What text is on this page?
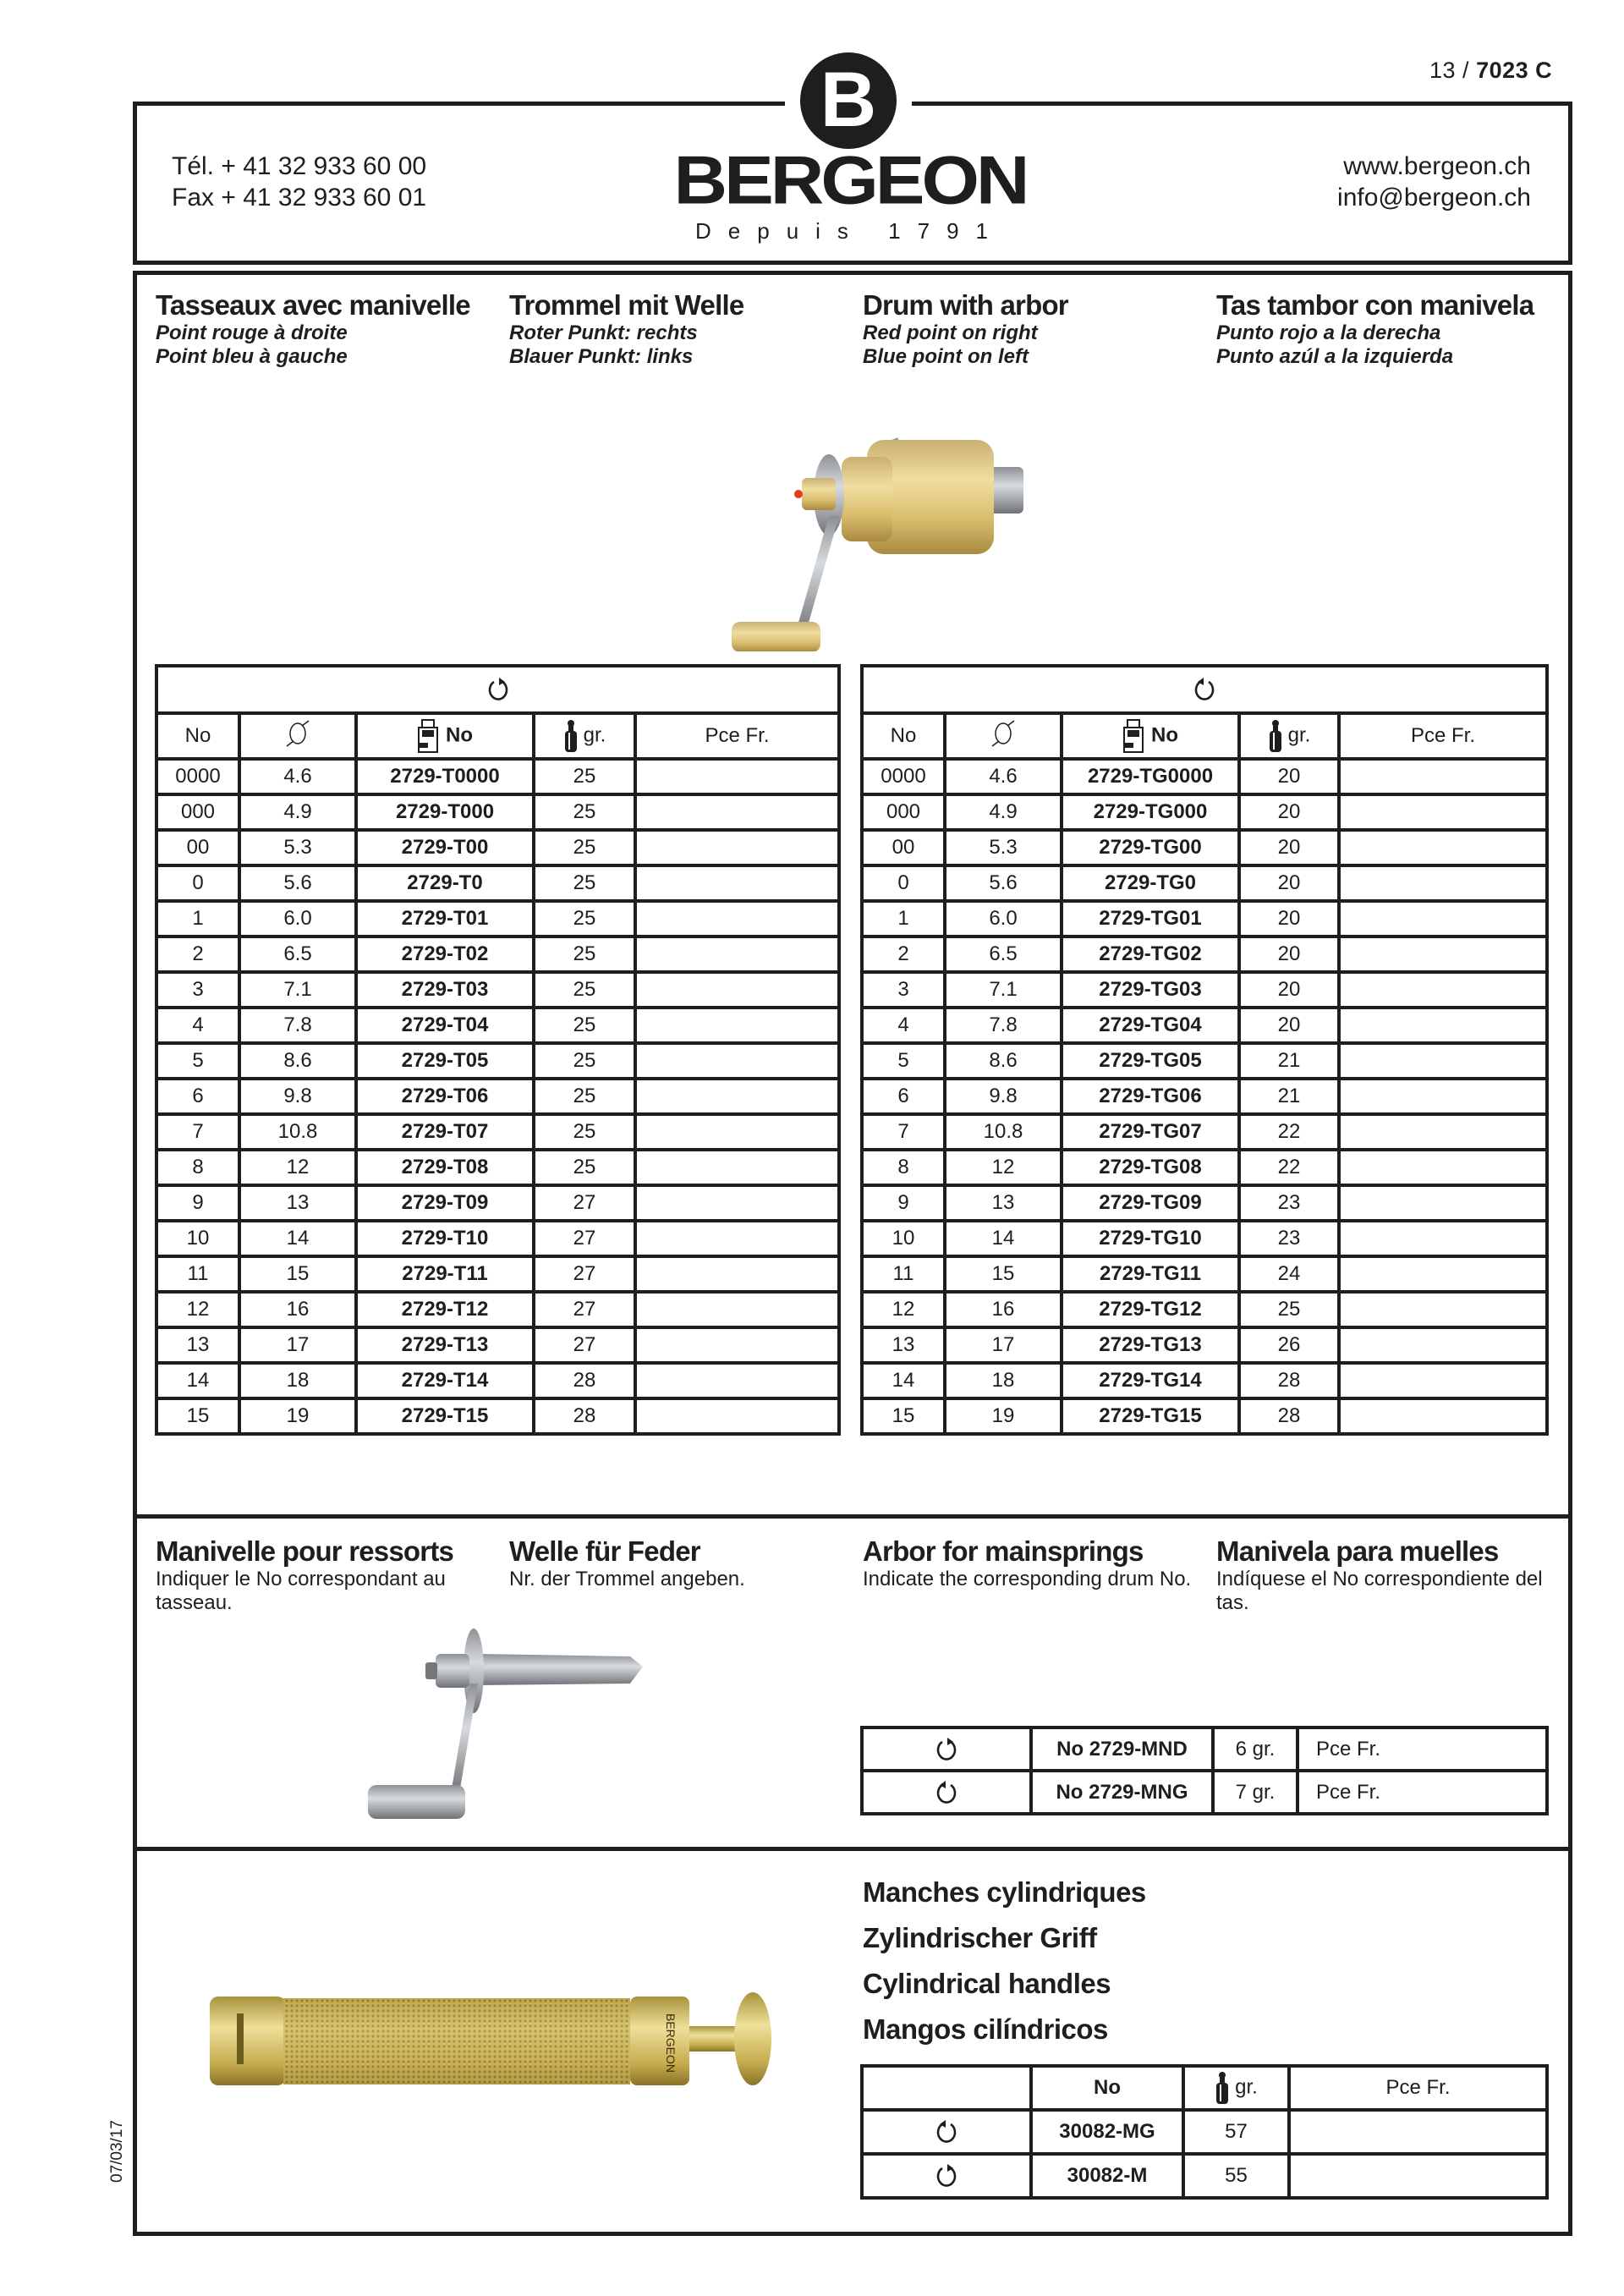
13 / 7023 C
B
BERGEON
Depuis 1791
Tél. + 41 32 933 60 00
Fax + 41 32 933 60 01
www.bergeon.ch
info@bergeon.ch
Tasseaux avec manivelle
Point rouge à droite
Point bleu à gauche
Trommel mit Welle
Roter Punkt: rechts
Blauer Punkt: links
Drum with arbor
Red point on right
Blue point on left
Tas tambor con manivela
Punto rojo a la derecha
Punto azúl a la izquierda

No		No	gr.	Pce Fr.
0000	4.6	2729-T0000	25	
000	4.9	2729-T000	25	
00	5.3	2729-T00	25	
0	5.6	2729-T0	25	
1	6.0	2729-T01	25	
2	6.5	2729-T02	25	
3	7.1	2729-T03	25	
4	7.8	2729-T04	25	
5	8.6	2729-T05	25	
6	9.8	2729-T06	25	
7	10.8	2729-T07	25	
8	12	2729-T08	25	
9	13	2729-T09	27	
10	14	2729-T10	27	
11	15	2729-T11	27	
12	16	2729-T12	27	
13	17	2729-T13	27	
14	18	2729-T14	28	
15	19	2729-T15	28	

No		No	gr.	Pce Fr.
0000	4.6	2729-TG0000	20	
000	4.9	2729-TG000	20	
00	5.3	2729-TG00	20	
0	5.6	2729-TG0	20	
1	6.0	2729-TG01	20	
2	6.5	2729-TG02	20	
3	7.1	2729-TG03	20	
4	7.8	2729-TG04	20	
5	8.6	2729-TG05	21	
6	9.8	2729-TG06	21	
7	10.8	2729-TG07	22	
8	12	2729-TG08	22	
9	13	2729-TG09	23	
10	14	2729-TG10	23	
11	15	2729-TG11	24	
12	16	2729-TG12	25	
13	17	2729-TG13	26	
14	18	2729-TG14	28	
15	19	2729-TG15	28	
Manivelle pour ressorts
Indiquer le No correspondant au tasseau.
Welle für Feder
Nr. der Trommel angeben.
Arbor for mainsprings
Indicate the corresponding drum No.
Manivela para muelles
Indíquese el No correspondiente del tas.
	No 2729-MND	6 gr.	Pce Fr.
	No 2729-MNG	7 gr.	Pce Fr.
BERGEON
Manches cylindriques
Zylindrischer Griff
Cylindrical handles
Mangos cilíndricos
	No	gr.	Pce Fr.
	30082-MG	57	
	30082-M	55	
07/03/17
